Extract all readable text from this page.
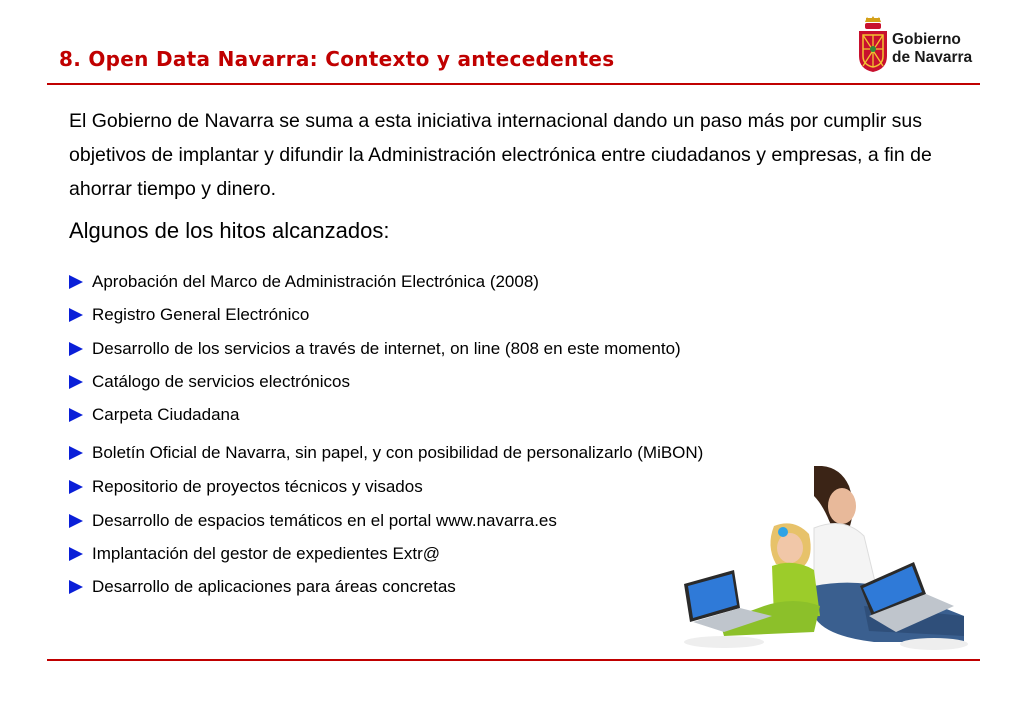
8. Open Data Navarra: Contexto y antecedentes
Gobierno
de Navarra

El Gobierno de Navarra se suma a esta iniciativa internacional dando un paso más por cumplir sus objetivos de implantar y difundir la Administración electrónica entre ciudadanos y empresas, a fin de ahorrar tiempo y dinero.

Algunos de los hitos alcanzados:
Aprobación del Marco de Administración Electrónica (2008)
Registro General Electrónico
Desarrollo de los servicios a través de internet, on line (808 en este momento)
Catálogo de servicios electrónicos
Carpeta Ciudadana
Boletín Oficial de Navarra, sin papel, y con posibilidad de personalizarlo (MiBON)
Repositorio de proyectos técnicos y visados
Desarrollo de espacios temáticos en el portal www.navarra.es
Implantación del gestor de expedientes Extr@
Desarrollo de aplicaciones para áreas concretas
